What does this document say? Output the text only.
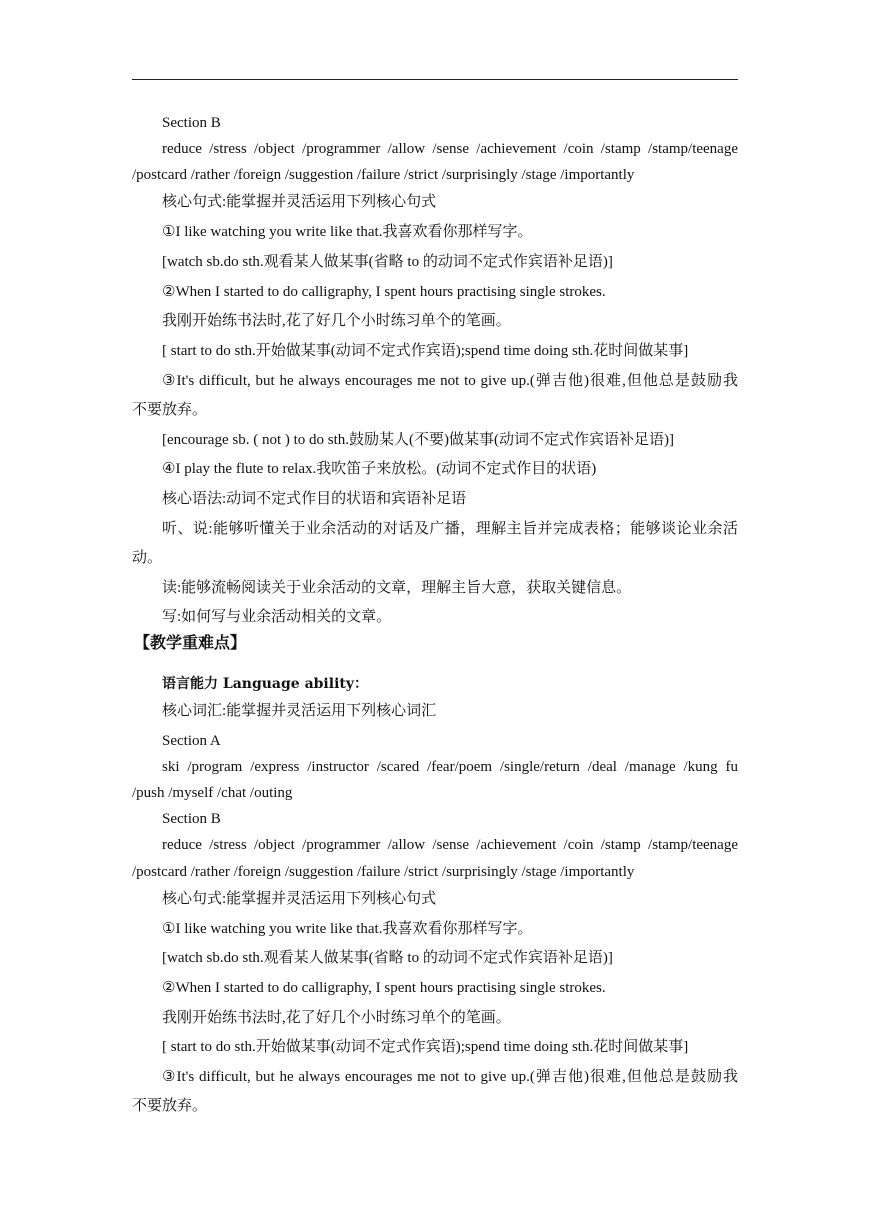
Section B
reduce /stress /object /programmer /allow /sense /achievement /coin /stamp /stamp/teenage
/postcard /rather /foreign /suggestion /failure /strict /surprisingly /stage /importantly
核心句式:能掌握并灵活运用下列核心句式
①I like watching you write like that.我喜欢看你那样写字。
[watch sb.do sth.观看某人做某事(省略 to 的动词不定式作宾语补足语)]
②When I started to do calligraphy, I spent hours practising single strokes.
我刚开始练书法时,花了好几个小时练习单个的笔画。
[ start to do sth.开始做某事(动词不定式作宾语);spend time doing sth.花时间做某事]
③It's difficult, but he always encourages me not to give up.(弹吉他)很难,但他总是鼓励我
不要放弃。
[encourage sb. ( not ) to do sth.鼓励某人(不要)做某事(动词不定式作宾语补足语)]
④I play the flute to relax.我吹笛子来放松。(动词不定式作目的状语)
核心语法:动词不定式作目的状语和宾语补足语
听、说:能够听懂关于业余活动的对话及广播，理解主旨并完成表格；能够谈论业余活
动。
读:能够流畅阅读关于业余活动的文章，理解主旨大意，获取关键信息。
写:如何写与业余活动相关的文章。
【教学重难点】
语言能力 Language ability：
核心词汇:能掌握并灵活运用下列核心词汇
Section A
ski /program /express /instructor /scared /fear/poem /single/return /deal /manage /kung fu
/push /myself /chat /outing
Section B
reduce /stress /object /programmer /allow /sense /achievement /coin /stamp /stamp/teenage
/postcard /rather /foreign /suggestion /failure /strict /surprisingly /stage /importantly
核心句式:能掌握并灵活运用下列核心句式
①I like watching you write like that.我喜欢看你那样写字。
[watch sb.do sth.观看某人做某事(省略 to 的动词不定式作宾语补足语)]
②When I started to do calligraphy, I spent hours practising single strokes.
我刚开始练书法时,花了好几个小时练习单个的笔画。
[ start to do sth.开始做某事(动词不定式作宾语);spend time doing sth.花时间做某事]
③It's difficult, but he always encourages me not to give up.(弹吉他)很难,但他总是鼓励我
不要放弃。
